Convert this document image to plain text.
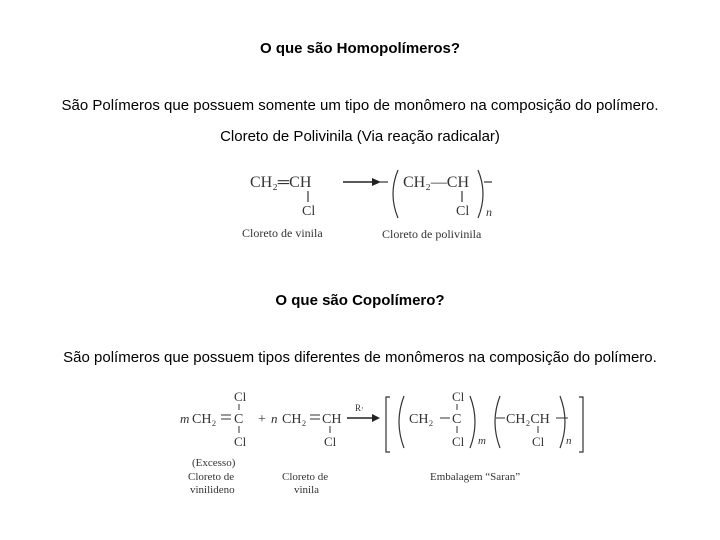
O que são Homopolímeros?
São Polímeros que possuem somente um tipo de monômero na composição do polímero.
Cloreto de Polivinila (Via reação radicalar)
CH₂═CH
Cl
CH₂—CH
Cl n
Cloreto de vinila	Cloreto de polivinila
O que são Copolímero?
São polímeros que possuem tipos diferentes de monômeros na composição do polímero.
m CH₂ C
Cl
Cl
+ n CH₂ CH
Cl
R·
CH₂ C
Cl
Cl m
CH₂CH
Cl n
(Excesso)
Cloreto de
vinilideno
Cloreto de
vinila
Embalagem “Saran”
